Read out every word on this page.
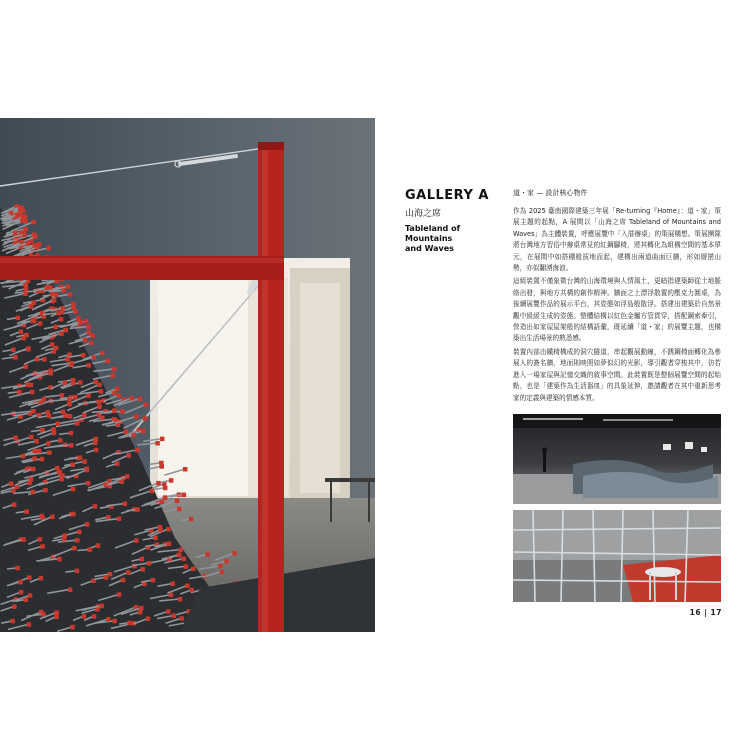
GALLERY A
山海之席
Tableland of
Mountains
and Waves
道・家 — 設計核心物件

作為 2025 臺南國際建築三年展「Re-turning『Home』：道・家」策展主題的起點，A 展間以「山海之席 Tableland of Mountains and Waves」為主體裝置，呼應展覽中「入厝辦桌」的策展構想。策展團隊將台灣地方習俗中辦桌常見的紅鋼腳椅，將其轉化為組構空間的基本單元，在展間中如搭棚般拔地而起，建構出兩道曲面巨牆，形如層巒山勢，亦似翻湧海浪。

這組裝置不僅象徵台灣的山海環境與人情風土，更暗指建築師從土地脈絡出發，與地方共構的創作精神。牆面之上漂浮散置的壓克力圓桌，為後續展覽作品的展示平台，其姿態如浮島般散浮。搭建出建築於自然景觀中緩緩生成的姿態。整體結構以紅色金屬方管貫穿，搭配鋼索牽引，營造出如家屋屋架般的結構語彙，既延續「道・家」的展覽主題，也構築出生活場景的熟悉感。

裝置內部由鐵椅構成的洞穴隧道，串起觀展動線，不銹鋼椅面轉化為參展人的簽名牆，地面則映照如夢似幻的光影，導引觀者穿梭其中，彷若進入一場家屋與記憶交織的敘事空間。此裝置既是整個展覽空間的起始點，也是「建築作為生活器皿」的具象延伸，邀請觀者在其中重新思考家的定義與建築的情感本質。

16 | 17
